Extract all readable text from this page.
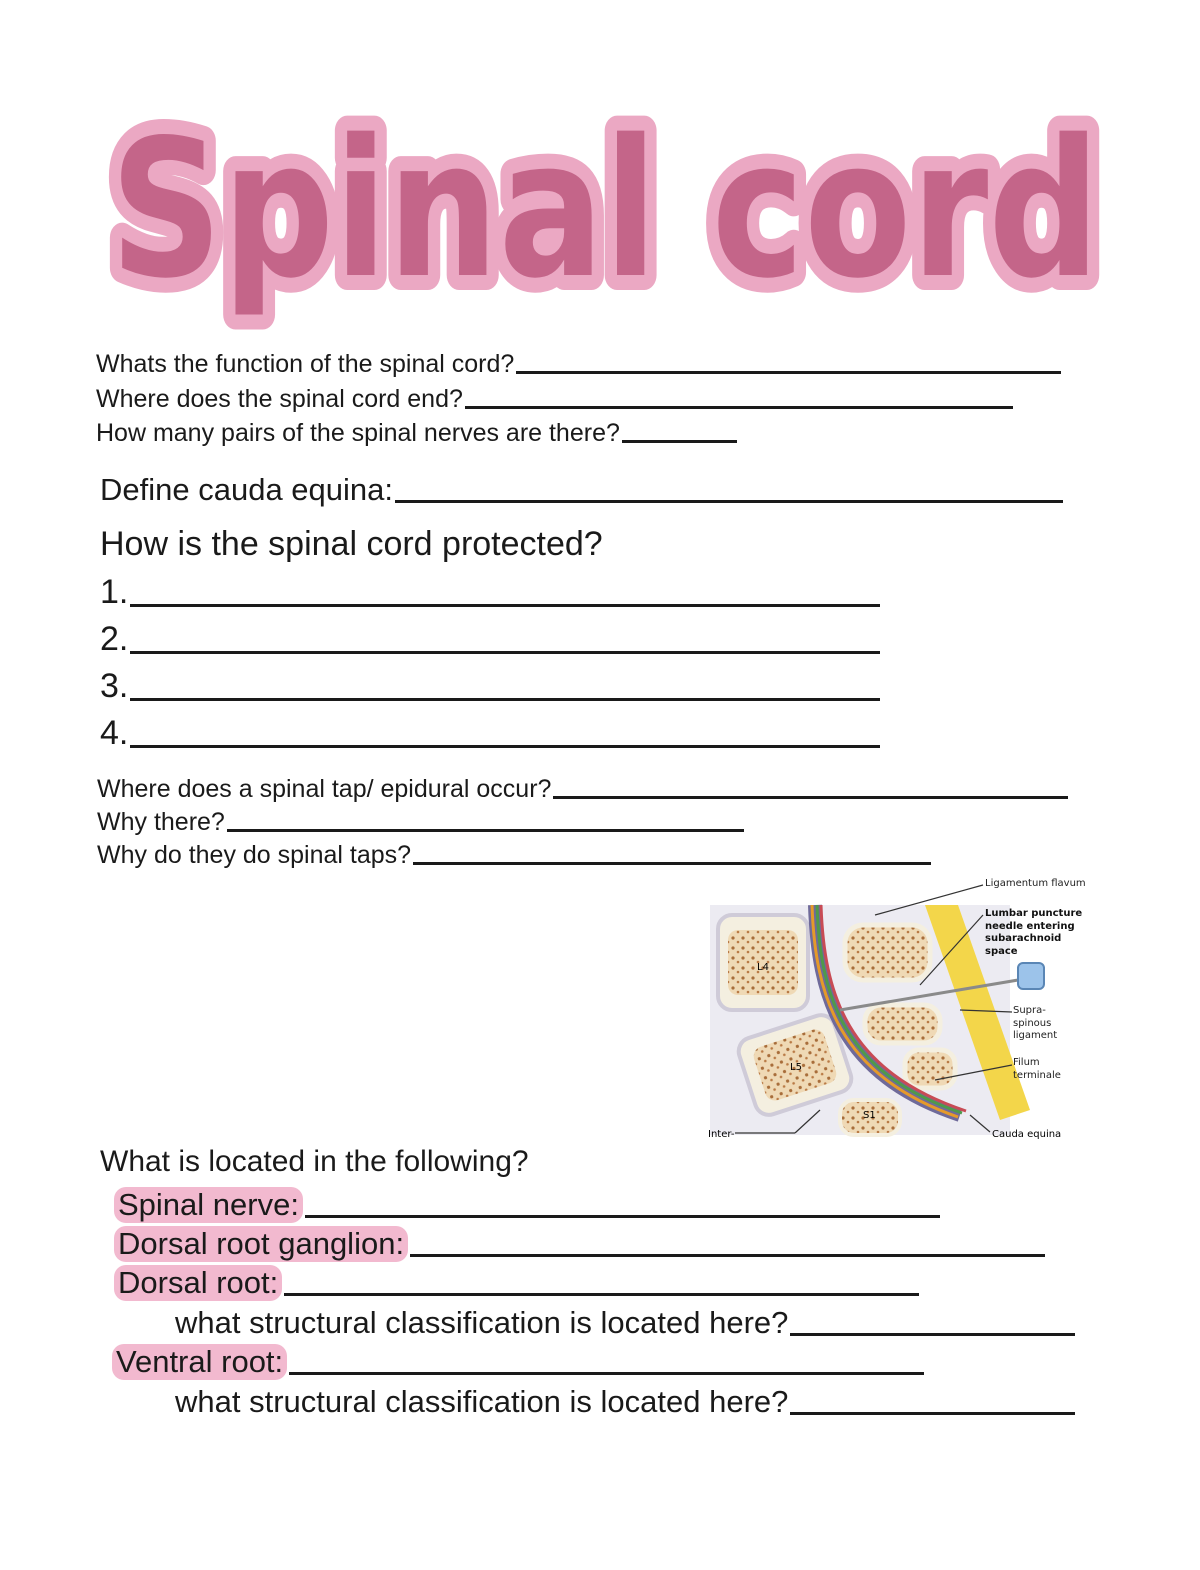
Spinal cord
Spinal cord
Whats the function of the spinal cord?
Where does the spinal cord end?
How many pairs of the spinal nerves are there?
Define cauda equina:
How is the spinal cord protected?
1.
2.
3.
4.
Where does a spinal tap/ epidural occur?
Why there?
Why do they do spinal taps?
L4
L5
S1
Ligamentum flavum
Lumbar puncture needle entering subarachnoid space
Supra- spinous ligament
Filum terminale
Cauda equina
Inter-
What is located in the following?
Spinal nerve:
Dorsal root ganglion:
Dorsal root:
what structural classification is located here?
Ventral root:
what structural classification is located here?
